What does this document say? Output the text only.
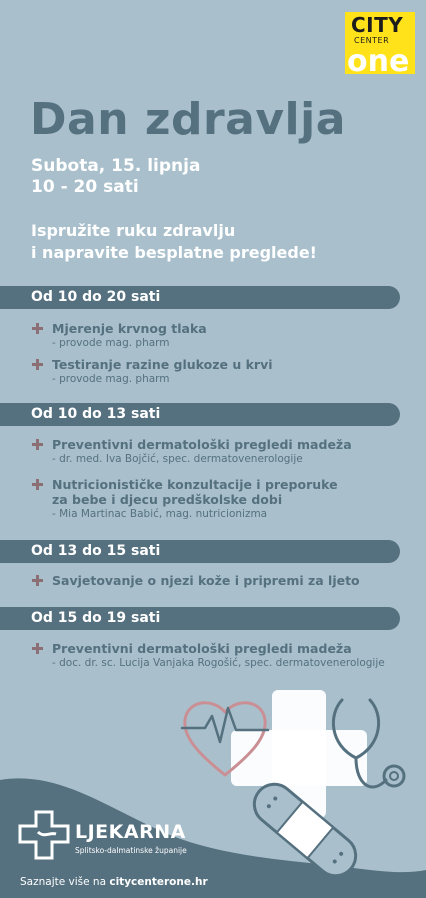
CITY
CENTER
one
Dan zdravlja
Subota, 15. lipnja
10 - 20 sati
Ispružite ruku zdravlju
i napravite besplatne preglede!
Od 10 do 20 sati
Mjerenje krvnog tlaka
- provode mag. pharm
Testiranje razine glukoze u krvi
- provode mag. pharm
Od 10 do 13 sati
Preventivni dermatološki pregledi madeža
- dr. med. Iva Bojčić, spec. dermatovenerologije
Nutricionističke konzultacije i preporuke
za bebe i djecu predškolske dobi
- Mia Martinac Babić, mag. nutricionizma
Od 13 do 15 sati
Savjetovanje o njezi kože i pripremi za ljeto
Od 15 do 19 sati
Preventivni dermatološki pregledi madeža
- doc. dr. sc. Lucija Vanjaka Rogošić, spec. dermatovenerologije
LJEKARNA
Splitsko-dalmatinske županije
Saznajte više na citycenterone.hr
